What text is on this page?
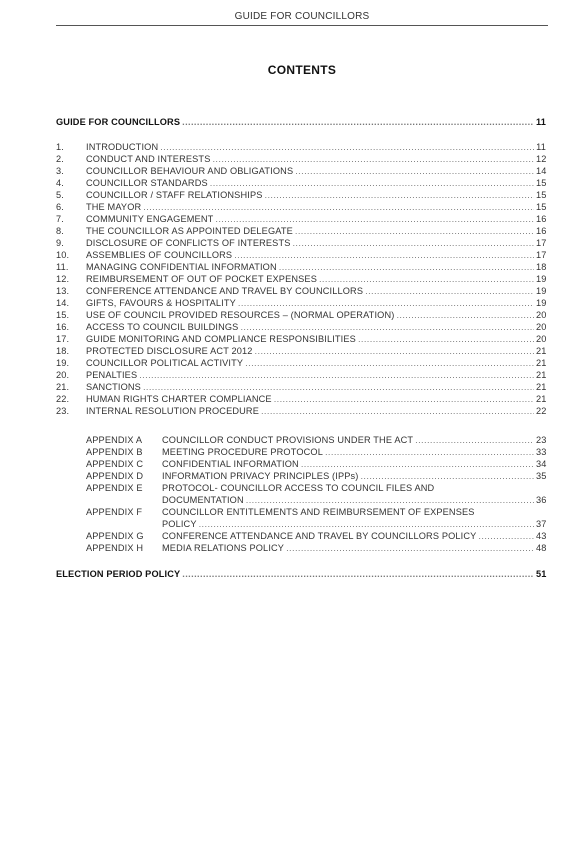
GUIDE FOR COUNCILLORS
CONTENTS
GUIDE FOR COUNCILLORS .....	11
1.	INTRODUCTION .....	11
2.	CONDUCT AND INTERESTS .....	12
3.	COUNCILLOR BEHAVIOUR AND OBLIGATIONS .....	14
4.	COUNCILLOR STANDARDS .....	15
5.	COUNCILLOR / STAFF RELATIONSHIPS .....	15
6.	THE MAYOR .....	15
7.	COMMUNITY ENGAGEMENT .....	16
8.	THE COUNCILLOR AS APPOINTED DELEGATE .....	16
9.	DISCLOSURE OF CONFLICTS OF INTERESTS .....	17
10.	ASSEMBLIES OF COUNCILLORS .....	17
11.	MANAGING CONFIDENTIAL INFORMATION .....	18
12.	REIMBURSEMENT OF OUT OF POCKET EXPENSES .....	19
13.	CONFERENCE ATTENDANCE AND TRAVEL BY COUNCILLORS .....	19
14.	GIFTS, FAVOURS & HOSPITALITY .....	19
15.	USE OF COUNCIL PROVIDED RESOURCES – (NORMAL OPERATION) .....	20
16.	ACCESS TO COUNCIL BUILDINGS .....	20
17.	GUIDE MONITORING AND COMPLIANCE RESPONSIBILITIES .....	20
18.	PROTECTED DISCLOSURE ACT 2012 .....	21
19.	COUNCILLOR POLITICAL ACTIVITY .....	21
20.	PENALTIES .....	21
21.	SANCTIONS .....	21
22.	HUMAN RIGHTS CHARTER COMPLIANCE .....	21
23.	INTERNAL RESOLUTION PROCEDURE .....	22
APPENDIX A	COUNCILLOR CONDUCT PROVISIONS UNDER THE ACT .....	23
APPENDIX B	MEETING PROCEDURE PROTOCOL .....	33
APPENDIX C	CONFIDENTIAL INFORMATION .....	34
APPENDIX D	INFORMATION PRIVACY PRINCIPLES (IPPs) .....	35
APPENDIX E	PROTOCOL- COUNCILLOR ACCESS TO COUNCIL FILES AND
DOCUMENTATION .....	36
APPENDIX F	COUNCILLOR ENTITLEMENTS AND REIMBURSEMENT OF EXPENSES
POLICY .....	37
APPENDIX G	CONFERENCE ATTENDANCE AND TRAVEL BY COUNCILLORS POLICY .....	43
APPENDIX H	MEDIA RELATIONS POLICY .....	48
ELECTION PERIOD POLICY .....	51
